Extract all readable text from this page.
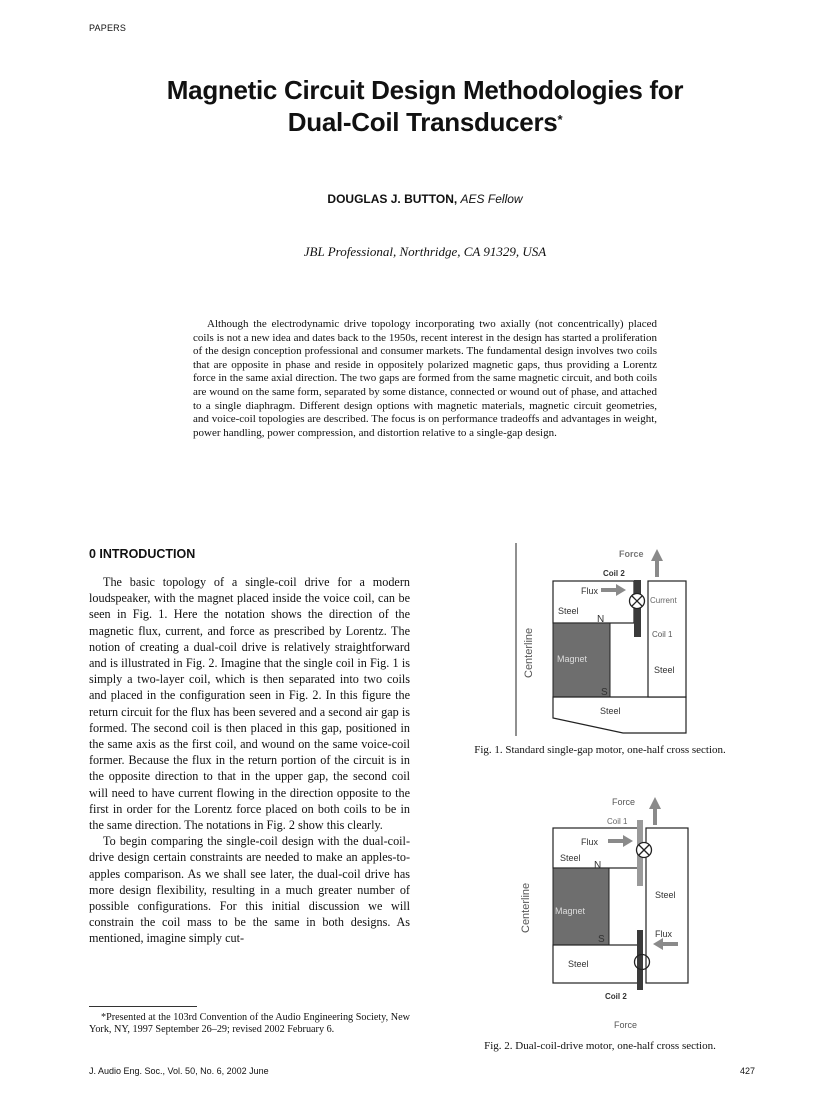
PAPERS
Magnetic Circuit Design Methodologies for
Dual-Coil Transducers*
DOUGLAS J. BUTTON, AES Fellow
JBL Professional, Northridge, CA 91329, USA

Although the electrodynamic drive topology incorporating two axially (not concentrically) placed coils is not a new idea and dates back to the 1950s, recent interest in the design has started a proliferation of the design conception professional and consumer markets. The fundamental design involves two coils that are opposite in phase and reside in oppositely polarized magnetic gaps, thus providing a Lorentz force in the same axial direction. The two gaps are formed from the same magnetic circuit, and both coils are wound on the same form, separated by some distance, connected or wound out of phase, and attached to a single diaphragm. Different design options with magnetic materials, magnetic circuit geometries, and voice-coil topologies are described. The focus is on performance tradeoffs and advantages in weight, power handling, power compression, and distortion relative to a single-gap design.

0 INTRODUCTION

The basic topology of a single-coil drive for a modern loudspeaker, with the magnet placed inside the voice coil, can be seen in Fig. 1. Here the notation shows the direction of the magnetic flux, current, and force as prescribed by Lorentz. The notion of creating a dual-coil drive is relatively straightforward and is illustrated in Fig. 2. Imagine that the single coil in Fig. 1 is simply a two-layer coil, which is then separated into two coils and placed in the configuration seen in Fig. 2. In this figure the return circuit for the flux has been severed and a second air gap is formed. The second coil is then placed in this gap, positioned in the same axis as the first coil, and wound on the same voice-coil former. Because the flux in the return portion of the circuit is in the opposite direction to that in the upper gap, the second coil will need to have current flowing in the direction opposite to the first in order for the Lorentz force placed on both coils to be in the same direction. The notations in Fig. 2 show this clearly.

To begin comparing the single-coil design with the dual-coil-drive design certain constraints are needed to make an apples-to-apples comparison. As we shall see later, the dual-coil drive has more design flexibility, resulting in a much greater number of possible configurations. For this initial discussion we will constrain the coil mass to be the same in both designs. As mentioned, imagine simply cut-

*Presented at the 103rd Convention of the Audio Engineering Society, New York, NY, 1997 September 26–29; revised 2002 February 6.
Centerline
Force
Coil 2
Flux
Current
Steel
N
Coil 1
Magnet
Steel
S
Steel
Fig. 1. Standard single-gap motor, one-half cross section.
Centerline
Force
Coil 1
Flux
Steel
N
Steel
Magnet
Flux
S
Steel
Coil 2
Force
Fig. 2. Dual-coil-drive motor, one-half cross section.
J. Audio Eng. Soc., Vol. 50, No. 6, 2002 June	427
